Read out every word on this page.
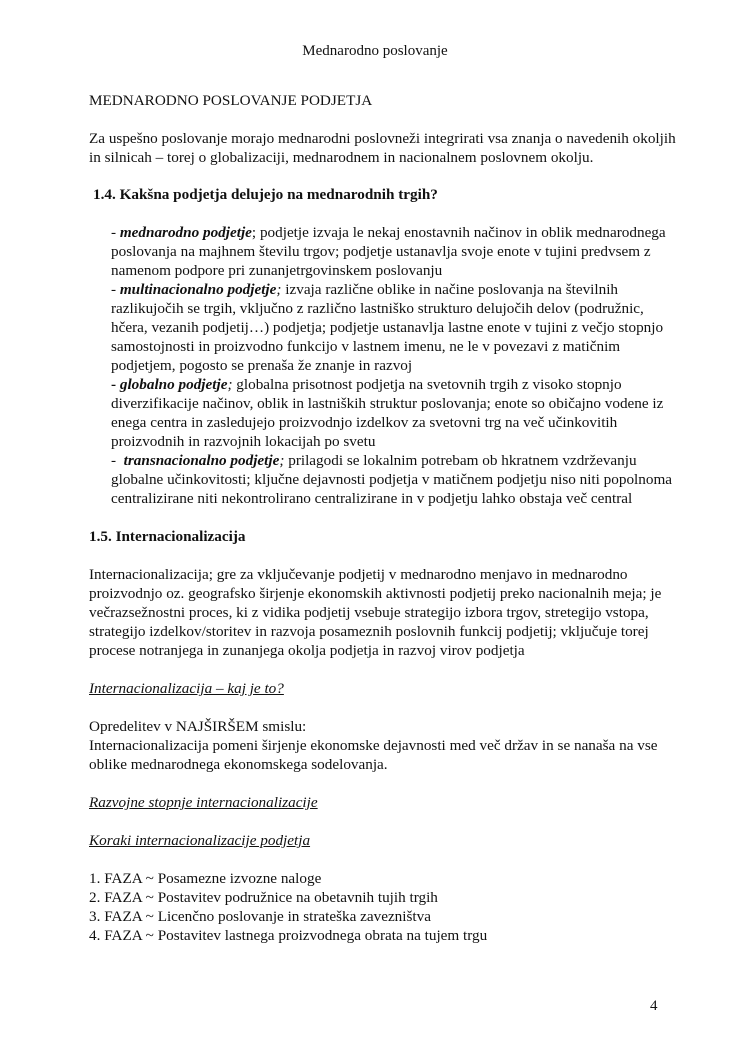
Mednarodno poslovanje

MEDNARODNO POSLOVANJE PODJETJA

Za uspešno poslovanje morajo mednarodni poslovneži integrirati vsa znanja o navedenih okoljih in silnicah – torej o globalizaciji, mednarodnem in nacionalnem poslovnem okolju.

1.4. Kakšna podjetja delujejo na mednarodnih trgih?

- mednarodno podjetje; podjetje izvaja le nekaj enostavnih načinov in oblik mednarodnega poslovanja na majhnem številu trgov; podjetje ustanavlja svoje enote v tujini predvsem z namenom podpore pri zunanjetrgovinskem poslovanju

- multinacionalno podjetje; izvaja različne oblike in načine poslovanja na številnih razlikujočih se trgih, vključno z različno lastniško strukturo delujočih delov (podružnic, hčera, vezanih podjetij…) podjetja; podjetje ustanavlja lastne enote v tujini z večjo stopnjo samostojnosti in proizvodno funkcijo v lastnem imenu, ne le v povezavi z matičnim podjetjem, pogosto se prenaša že znanje in razvoj

- globalno podjetje; globalna prisotnost podjetja na svetovnih trgih z visoko stopnjo diverzifikacije načinov, oblik in lastniških struktur poslovanja; enote so običajno vodene iz enega centra in zasledujejo proizvodnjo izdelkov za svetovni trg na več učinkovitih proizvodnih in razvojnih lokacijah po svetu

-  transnacionalno podjetje; prilagodi se lokalnim potrebam ob hkratnem vzdrževanju globalne učinkovitosti; ključne dejavnosti podjetja v matičnem podjetju niso niti popolnoma centralizirane niti nekontrolirano centralizirane in v podjetju lahko obstaja več central

1.5. Internacionalizacija

Internacionalizacija; gre za vključevanje podjetij v mednarodno menjavo in mednarodno proizvodnjo oz. geografsko širjenje ekonomskih aktivnosti podjetij preko nacionalnih meja; je večrazsežnostni proces, ki z vidika podjetij vsebuje strategijo izbora trgov, stretegijo vstopa, strategijo izdelkov/storitev in razvoja posameznih poslovnih funkcij podjetij; vključuje torej procese notranjega in zunanjega okolja podjetja in razvoj virov podjetja

Internacionalizacija – kaj je to?

Opredelitev v NAJŠIRŠEM smislu:

Internacionalizacija pomeni širjenje ekonomske dejavnosti med več držav in se nanaša na vse oblike mednarodnega ekonomskega sodelovanja.

Razvojne stopnje internacionalizacije

Koraki internacionalizacije podjetja

1. FAZA ~ Posamezne izvozne naloge

2. FAZA ~ Postavitev podružnice na obetavnih tujih trgih

3. FAZA ~ Licenčno poslovanje in strateška zavezništva

4. FAZA ~ Postavitev lastnega proizvodnega obrata na tujem trgu

4
